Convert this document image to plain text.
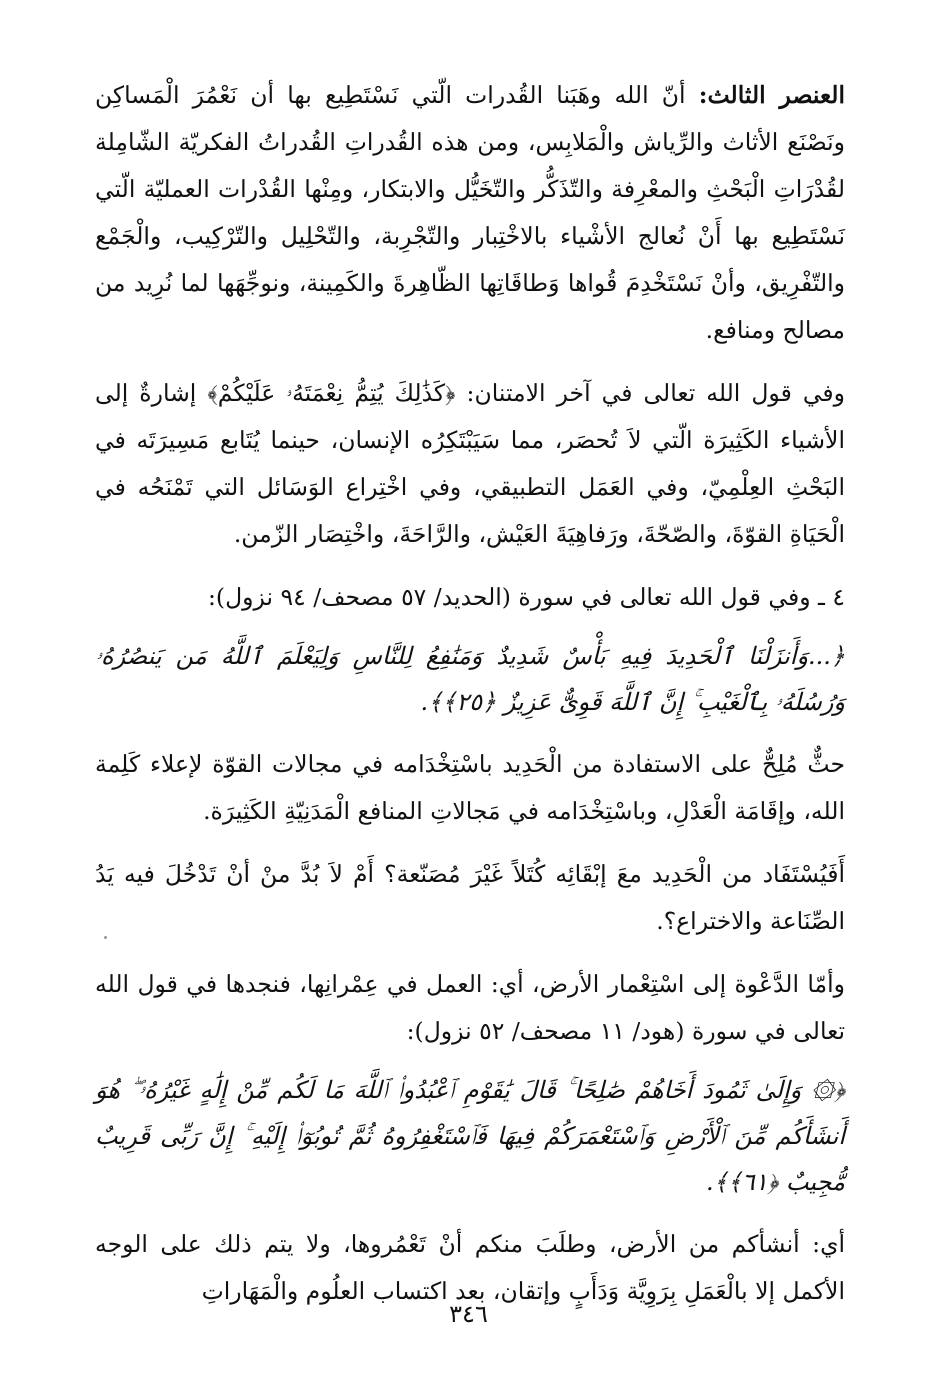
العنصر الثالث: أنّ الله وهَبَنا القُدرات الّتي نَسْتَطِيع بها أن نَعْمُرَ الْمَساكِن ونَصْنَع الأثاث والرِّياش والْمَلابِس، ومن هذه القُدراتِ القُدراتُ الفكريّة الشّامِلة لقُدْرَاتِ الْبَحْثِ والمعْرِفة والتّذَكُّر والتّخَيُّل والابتكار، ومِنْها القُدْرات العمليّة الّتي نَسْتَطِيع بها أَنْ نُعالج الأشْياء بالاخْتِبار والتّجْرِبة، والتّحْلِيل والتّرْكِيب، والْجَمْع والتّفْرِيق، وأنْ نَسْتَخْدِمَ قُواها وَطاقَاتِها الظّاهِرةَ والكَمِينة، ونوجِّهَها لما نُرِيد من مصالح ومنافع.

وفي قول الله تعالى في آخر الامتنان: ﴿كَذَٰلِكَ يُتِمُّ نِعْمَتَهُۥ عَلَيْكُمْ﴾ إشارةٌ إلى الأشياء الكَثِيرَة الّتي لاَ تُحصَر، مما سَيَبْتَكِرُه الإنسان، حينما يُتَابع مَسِيرَتَه في البَحْثِ العِلْمِيّ، وفي العَمَل التطبيقي، وفي اخْتِراع الوَسَائل التي تَمْنَحُه في الْحَيَاةِ القوّةَ، والصّحّةَ، ورَفاهِيَةَ العَيْش، والرَّاحَةَ، واخْتِصَار الزّمن.

٤ ـ وفي قول الله تعالى في سورة (الحديد/ ٥٧ مصحف/ ٩٤ نزول):

﴿...وَأَنزَلْنَا ٱلْحَدِيدَ فِيهِ بَأْسٌ شَدِيدٌ وَمَنَٰفِعُ لِلنَّاسِ وَلِيَعْلَمَ ٱللَّهُ مَن يَنصُرُهُۥ وَرُسُلَهُۥ بِٱلْغَيْبِ ۚ إِنَّ ٱللَّهَ قَوِىٌّ عَزِيزٌ ﴿٢٥﴾﴾.

حثٌّ مُلِحٌّ على الاستفادة من الْحَدِيد باسْتِخْدَامه في مجالات القوّة لإعلاء كَلِمة الله، وإقَامَة الْعَدْلِ، وباسْتِخْدَامه في مَجالاتِ المنافع الْمَدَنِيّةِ الكَثِيرَة.

أَفَيُسْتَفَاد من الْحَدِيد معَ إبْقَائِه كُتَلاً غَيْرَ مُصَنّعة؟ أَمْ لاَ بُدَّ منْ أنْ تَدْخُلَ فيه يَدُ الصِّنَاعة والاختراع؟.

وأمّا الدَّعْوة إلى اسْتِعْمار الأرض، أي: العمل في عِمْرانِها، فنجدها في قول الله تعالى في سورة (هود/ ١١ مصحف/ ٥٢ نزول):

﴿۞ وَإِلَىٰ ثَمُودَ أَخَاهُمْ صَٰلِحًا ۚ قَالَ يَٰقَوْمِ ٱعْبُدُوا۟ ٱللَّهَ مَا لَكُم مِّنْ إِلَٰهٍ غَيْرُهُۥ ۖ هُوَ أَنشَأَكُم مِّنَ ٱلْأَرْضِ وَٱسْتَعْمَرَكُمْ فِيهَا فَٱسْتَغْفِرُوهُ ثُمَّ تُوبُوٓا۟ إِلَيْهِ ۚ إِنَّ رَبِّى قَرِيبٌ مُّجِيبٌ ﴿٦١﴾﴾.

أي: أنشأكم من الأرض، وطلَبَ منكم أنْ تَعْمُروها، ولا يتم ذلك على الوجه الأكمل إلا بالْعَمَلِ بِرَوِيَّة وَدَأَبٍ وإتقان، بعد اكتساب العلُوم والْمَهَاراتِ

٣٤٦
